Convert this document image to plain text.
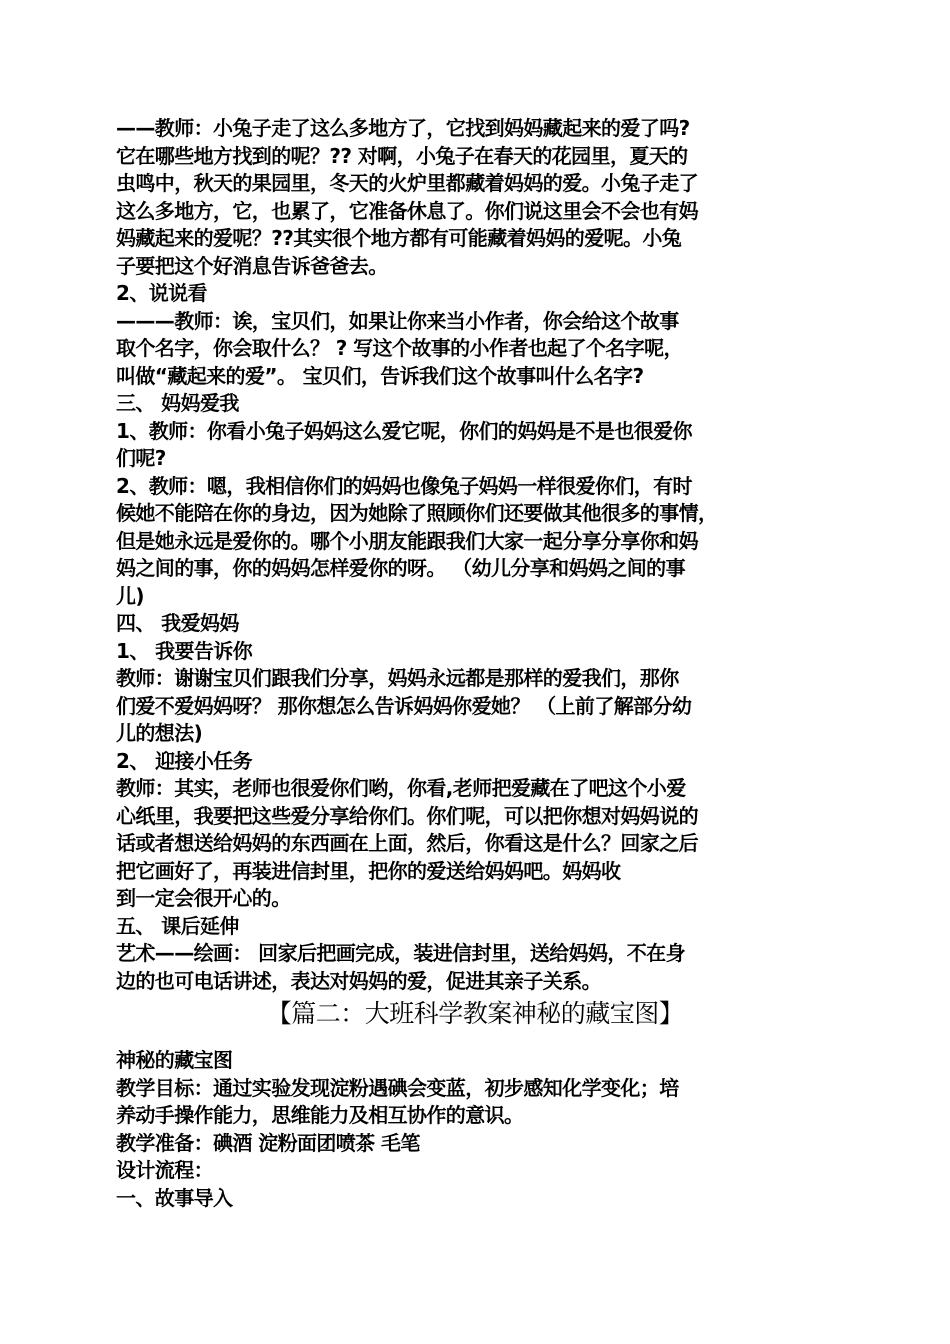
——教师：小兔子走了这么多地方了，它找到妈妈藏起来的爱了吗?
它在哪些地方找到的呢？?? 对啊，小兔子在春天的花园里，夏天的
虫鸣中，秋天的果园里，冬天的火炉里都藏着妈妈的爱。小兔子走了
这么多地方，它，也累了，它准备休息了。你们说这里会不会也有妈
妈藏起来的爱呢？??其实很个地方都有可能藏着妈妈的爱呢。小兔
子要把这个好消息告诉爸爸去。
2、说说看
———教师：诶，宝贝们，如果让你来当小作者，你会给这个故事
取个名字，你会取什么？ ? 写这个故事的小作者也起了个名字呢，
叫做“藏起来的爱”。 宝贝们，告诉我们这个故事叫什么名字?
三、 妈妈爱我
1、教师：你看小兔子妈妈这么爱它呢，你们的妈妈是不是也很爱你
们呢?
2、教师：嗯，我相信你们的妈妈也像兔子妈妈一样很爱你们，有时
候她不能陪在你的身边，因为她除了照顾你们还要做其他很多的事情，
但是她永远是爱你的。哪个小朋友能跟我们大家一起分享分享你和妈
妈之间的事，你的妈妈怎样爱你的呀。 （幼儿分享和妈妈之间的事
儿)
四、 我爱妈妈
1、 我要告诉你
教师：谢谢宝贝们跟我们分享，妈妈永远都是那样的爱我们，那你
们爱不爱妈妈呀？ 那你想怎么告诉妈妈你爱她？ （上前了解部分幼
儿的想法)
2、 迎接小任务
教师：其实，老师也很爱你们哟，你看,老师把爱藏在了吧这个小爱
心纸里，我要把这些爱分享给你们。你们呢，可以把你想对妈妈说的
话或者想送给妈妈的东西画在上面，然后，你看这是什么？回家之后
把它画好了，再装进信封里，把你的爱送给妈妈吧。妈妈收
到一定会很开心的。
五、 课后延伸
艺术——绘画： 回家后把画完成，装进信封里，送给妈妈，不在身
边的也可电话讲述，表达对妈妈的爱，促进其亲子关系。
【篇二：大班科学教案神秘的藏宝图】
神秘的藏宝图
教学目标：通过实验发现淀粉遇碘会变蓝，初步感知化学变化；培
养动手操作能力，思维能力及相互协作的意识。
教学准备：碘酒 淀粉面团喷茶 毛笔
设计流程：
一、故事导入
